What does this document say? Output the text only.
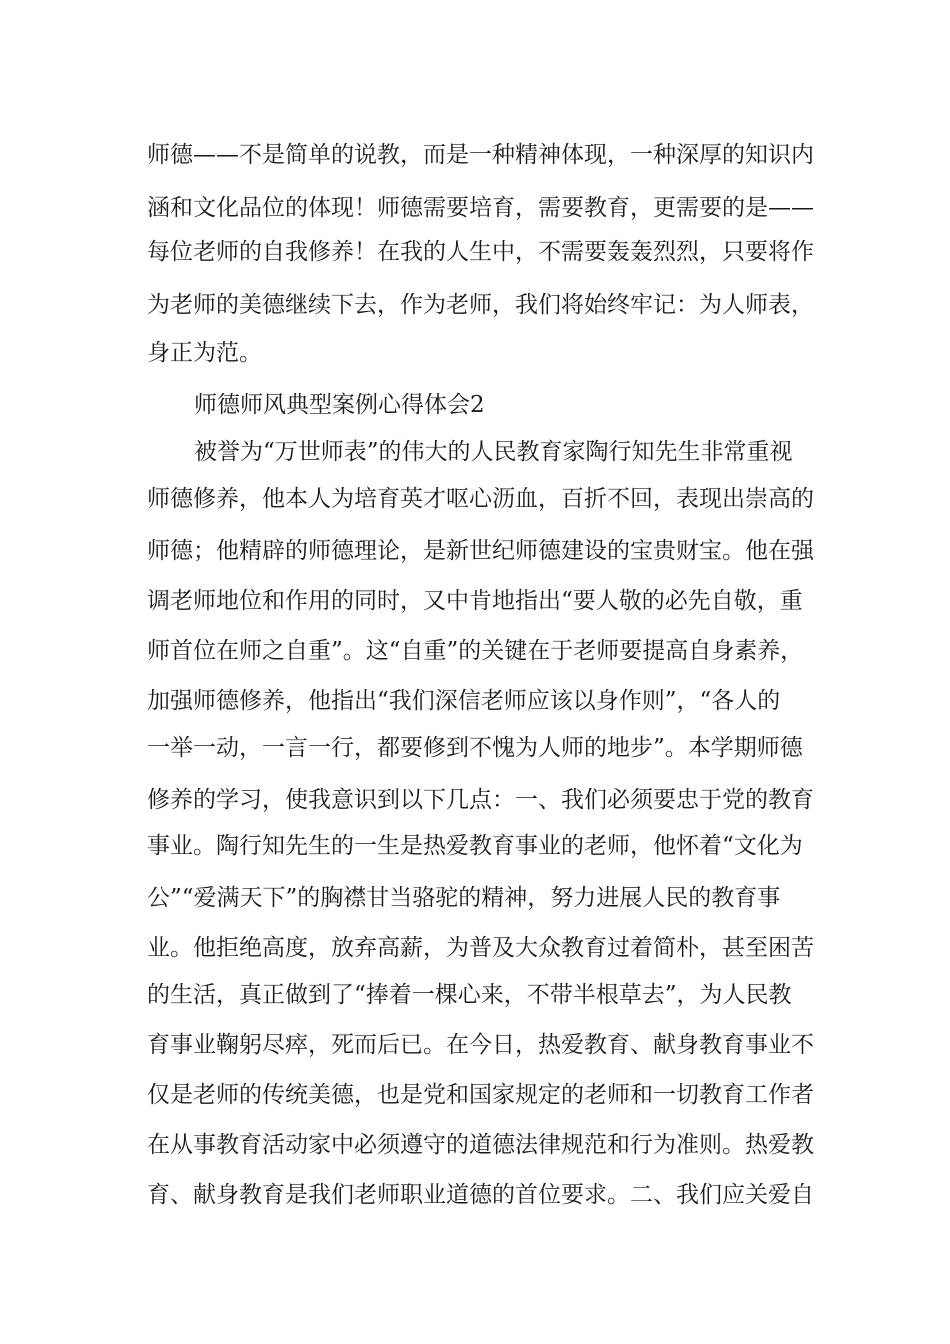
师德——不是简单的说教，而是一种精神体现，一种深厚的知识内
涵和文化品位的体现！师德需要培育，需要教育，更需要的是——
每位老师的自我修养！在我的人生中，不需要轰轰烈烈，只要将作
为老师的美德继续下去，作为老师，我们将始终牢记：为人师表，
身正为范。
师德师风典型案例心得体会2
被誉为“万世师表”的伟大的人民教育家陶行知先生非常重视
师德修养，他本人为培育英才呕心沥血，百折不回，表现出崇高的
师德；他精辟的师德理论，是新世纪师德建设的宝贵财宝。他在强
调老师地位和作用的同时，又中肯地指出“要人敬的必先自敬，重
师首位在师之自重”。这“自重”的关键在于老师要提高自身素养，
加强师德修养，他指出“我们深信老师应该以身作则”，“各人的
一举一动，一言一行，都要修到不愧为人师的地步”。本学期师德
修养的学习，使我意识到以下几点：一、我们必须要忠于党的教育
事业。陶行知先生的一生是热爱教育事业的老师，他怀着“文化为
公”“爱满天下”的胸襟甘当骆驼的精神，努力进展人民的教育事
业。他拒绝高度，放弃高薪，为普及大众教育过着简朴，甚至困苦
的生活，真正做到了“捧着一棵心来，不带半根草去”，为人民教
育事业鞠躬尽瘁，死而后已。在今日，热爱教育、献身教育事业不
仅是老师的传统美德，也是党和国家规定的老师和一切教育工作者
在从事教育活动家中必须遵守的道德法律规范和行为准则。热爱教
育、献身教育是我们老师职业道德的首位要求。二、我们应关爱自
